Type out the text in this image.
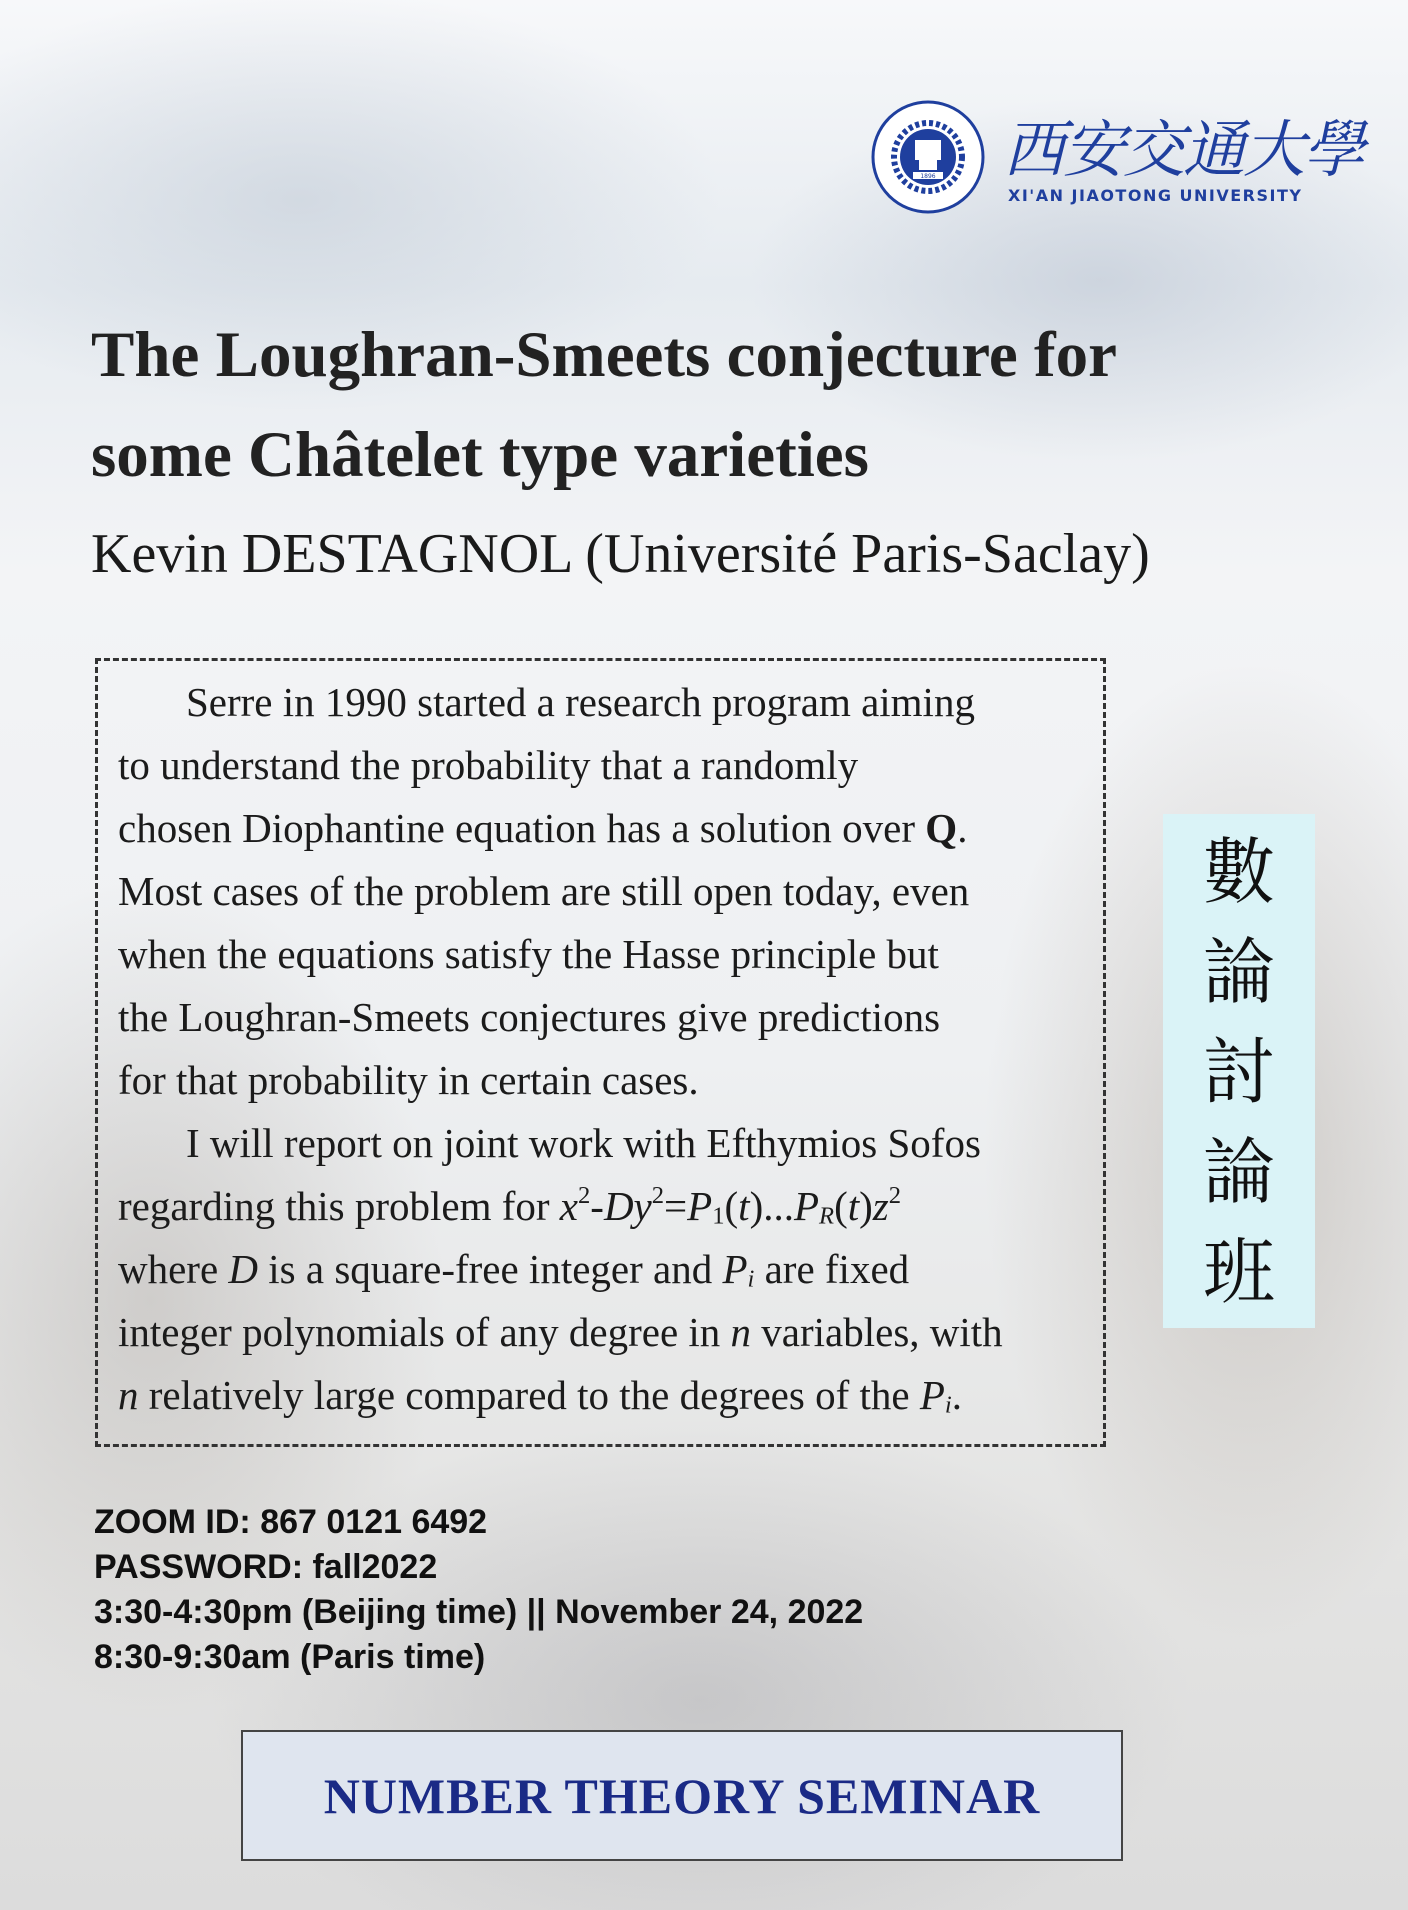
1896 西安交通大學
XI'AN JIAOTONG UNIVERSITY
The Loughran-Smeets conjecture for
some Châtelet type varieties
Kevin DESTAGNOL (Université Paris-Saclay)
Serre in 1990 started a research program aiming
to understand the probability that a randomly
chosen Diophantine equation has a solution over Q.
Most cases of the problem are still open today, even
when the equations satisfy the Hasse principle but
the Loughran-Smeets conjectures give predictions
for that probability in certain cases.
I will report on joint work with Efthymios Sofos
regarding this problem for $x^2-Dy^2=P_1(t)...P_R(t)z^2$
where D is a square-free integer and $P_i$ are fixed
integer polynomials of any degree in n variables, with
n relatively large compared to the degrees of the $P_i$.
數
論
討
論
班
ZOOM ID: 867 0121 6492
PASSWORD: fall2022
3:30-4:30pm (Beijing time) || November 24, 2022
8:30-9:30am (Paris time)
NUMBER THEORY SEMINAR
